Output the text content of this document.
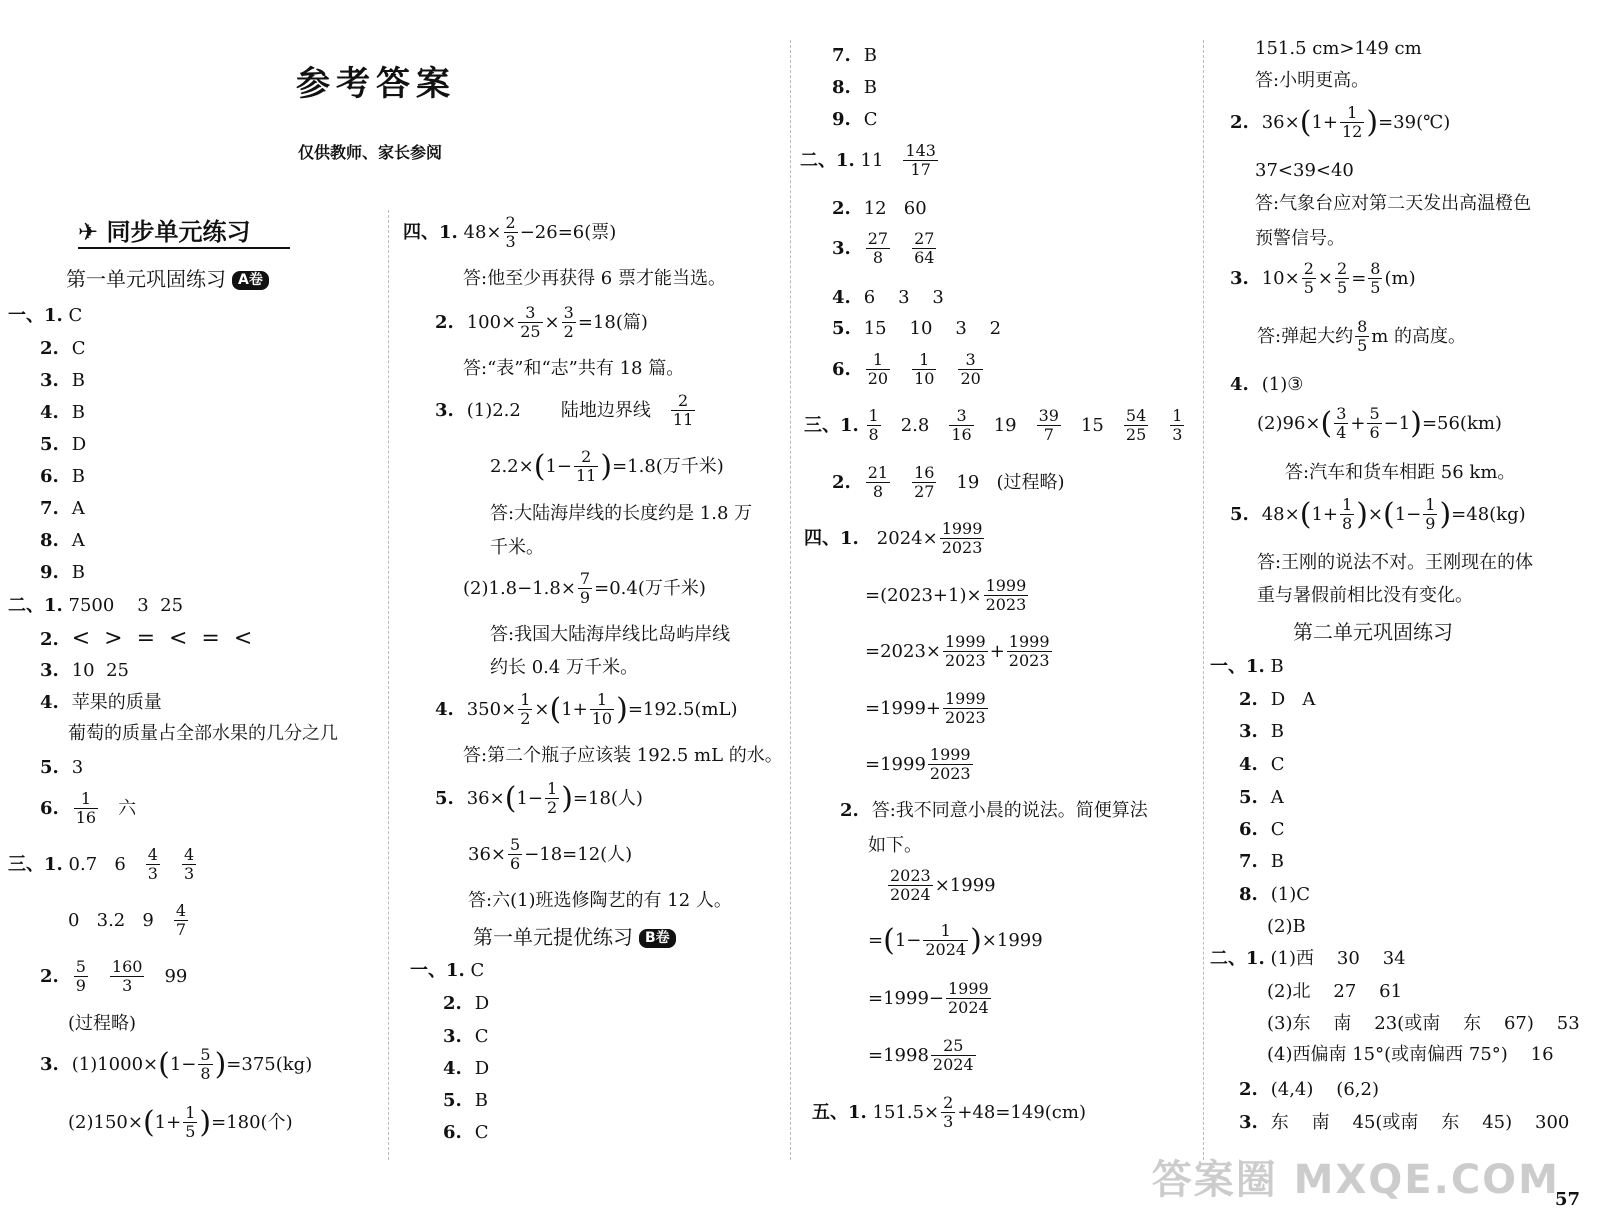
参考答案
仅供教师、家长参阅
✈ 同步单元练习
第一单元巩固练习 A卷
一、1. C
2. C
3. B
4. B
5. D
6. B
7. A
8. A
9. B
二、1. 7500    3  25
2. <  >  =  <  =  <
3. 10  25
4. 苹果的质量
葡萄的质量占全部水果的几分之几
5. 3
6. $\frac{1}{16}$ 六
三、1. 0.7   $6 \frac{4}{3} \frac{4}{3}$
0   3.2   $9 \frac{4}{7}$
2. $\frac{5}{9} \frac{160}{3} 99$
(过程略)
3. $(1)1000\times(1- \frac{5}{8} )=375(kg)$
$(2)150\times(1+ \frac{1}{5} )=180$(个)
四、1. $48\times \frac{2}{3} -26=6$(票)
答:他至少再获得 6 票才能当选。
2. $100\times \frac{3}{25} \times \frac{3}{2} =18$(篇)
答:“表”和“志”共有 18 篇。
3. (1)2.2       陆地边界线 $\frac{2}{11}$
$2.2\times(1- \frac{2}{11} )=1.8$(万千米)
答:大陆海岸线的长度约是 1.8 万
千米。
$(2)1.8-1.8\times \frac{7}{9} =0.4$(万千米)
答:我国大陆海岸线比岛屿岸线
约长 0.4 万千米。
4. $350\times \frac{1}{2} \times(1+ \frac{1}{10} )=192.5(mL)$
答:第二个瓶子应该装 192.5 mL 的水。
5. $36\times(1- \frac{1}{2} )=18$(人)
$36\times \frac{5}{6} -18=12$(人)
答:六(1)班选修陶艺的有 12 人。
第一单元提优练习 B卷
一、1. C
2. D
3. C
4. D
5. B
6. C
7. B
8. B
9. C
二、1. $11 \frac{143}{17}$
2. 12   60
3. $\frac{27}{8} \frac{27}{64}$
4. 6    3    3
5. 15    10    3    2
6. $\frac{1}{20} \frac{1}{10} \frac{3}{20}$
三、1. $\frac{1}{8} 2.8 \frac{3}{16} 19 \frac{39}{7} 15 \frac{54}{25} \frac{1}{3}$
2. $\frac{21}{8} \frac{16}{27} 19$   (过程略)
四、1. $2024\times \frac{1999}{2023}$
$=(2023+1)\times \frac{1999}{2023}$
$=2023\times \frac{1999}{2023} + \frac{1999}{2023}$
$=1999+ \frac{1999}{2023}$
$=1999 \frac{1999}{2023}$
2. 答:我不同意小晨的说法。简便算法
如下。
$\frac{2023}{2024} \times 1999$
$=(1- \frac{1}{2024} )\times 1999$
$=1999- \frac{1999}{2024}$
$=1998 \frac{25}{2024}$
五、1. $151.5\times \frac{2}{3} +48=149(cm)$
151.5 cm>149 cm
答:小明更高。
2. $36\times(1+ \frac{1}{12}$ )=39(℃)
37<39<40
答:气象台应对第二天发出高温橙色
预警信号。
3. $10\times \frac{2}{5} \times \frac{2}{5} = \frac{8}{5} (m)$
答:弹起大约 $\frac{8}{5}$ m 的高度。
4. (1)③
$(2)96\times( \frac{3}{4} + \frac{5}{6} -1)=56(km)$
答:汽车和货车相距 56 km。
5. $48\times(1+ \frac{1}{8} )\times(1- \frac{1}{9} )=48(kg)$
答:王刚的说法不对。王刚现在的体
重与暑假前相比没有变化。
第二单元巩固练习
一、1. B
2. D   A
3. B
4. C
5. A
6. C
7. B
8. (1)C
(2)B
二、1. (1)西    30    34
(2)北    27    61
(3)东    南    23(或南    东    67)    53
(4)西偏南 15°(或南偏西 75°)    16
2. (4,4)    (6,2)
3. 东    南    45(或南    东    45)    300
答案圈 MXQE.COM
57
